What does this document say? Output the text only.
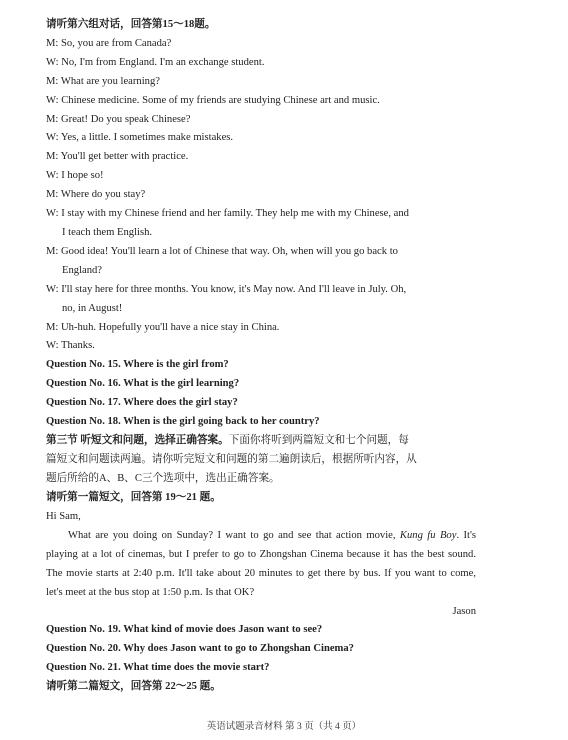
请听第六组对话，回答第15～18题。
M: So, you are from Canada?
W: No, I'm from England. I'm an exchange student.
M: What are you learning?
W: Chinese medicine. Some of my friends are studying Chinese art and music.
M: Great! Do you speak Chinese?
W: Yes, a little. I sometimes make mistakes.
M: You'll get better with practice.
W: I hope so!
M: Where do you stay?
W: I stay with my Chinese friend and her family. They help me with my Chinese, and
I teach them English.
M: Good idea! You'll learn a lot of Chinese that way. Oh, when will you go back to
England?
W: I'll stay here for three months. You know, it's May now. And I'll leave in July. Oh,
no, in August!
M: Uh-huh. Hopefully you'll have a nice stay in China.
W: Thanks.
Question No. 15. Where is the girl from?
Question No. 16. What is the girl learning?
Question No. 17. Where does the girl stay?
Question No. 18. When is the girl going back to her country?
第三节 听短文和问题，选择正确答案。下面你将听到两篇短文和七个问题，每
篇短文和问题读两遍。请你听完短文和问题的第二遍朗读后，根据所听内容，从
题后所给的A、B、C三个选项中，选出正确答案。
请听第一篇短文，回答第 19～21 题。
Hi Sam,
What are you doing on Sunday? I want to go and see that action movie, Kung fu Boy. It's playing at a lot of cinemas, but I prefer to go to Zhongshan Cinema because it has the best sound. The movie starts at 2:40 p.m. It'll take about 20 minutes to get there by bus. If you want to come, let's meet at the bus stop at 1:50 p.m. Is that OK?
Jason
Question No. 19. What kind of movie does Jason want to see?
Question No. 20. Why does Jason want to go to Zhongshan Cinema?
Question No. 21. What time does the movie start?
请听第二篇短文，回答第 22～25 题。
英语试题录音材料 第 3 页（共 4 页）
